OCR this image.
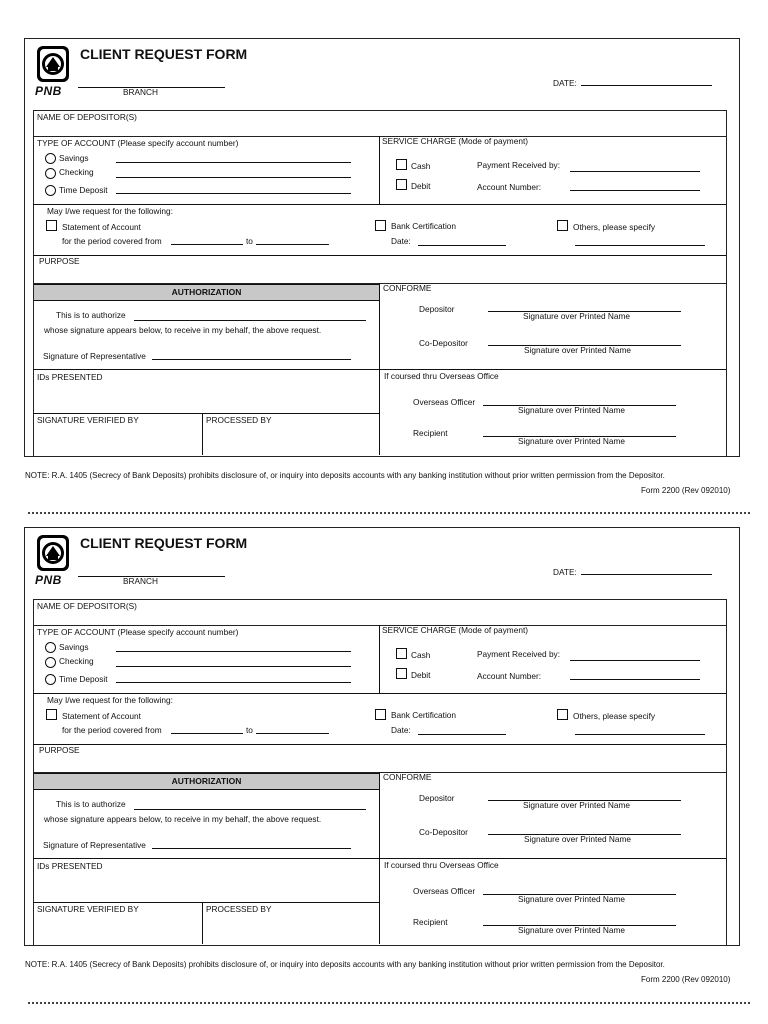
PNB
CLIENT REQUEST FORM
BRANCH
DATE:
NAME OF DEPOSITOR(S)
TYPE OF ACCOUNT (Please specify account number)
Savings
Checking
Time Deposit
SERVICE CHARGE (Mode of payment)
Cash
Debit
Payment Received by:
Account Number:
May I/we request for the following:
Statement of Account
for the period covered from	to
Bank Certification
Date:
Others, please specify
PURPOSE
AUTHORIZATION
This is to authorize
whose signature appears below, to receive in my behalf, the above request.
Signature of Representative
CONFORME
Depositor
Signature over Printed Name
Co-Depositor
Signature over Printed Name
IDs PRESENTED
SIGNATURE VERIFIED BY	PROCESSED BY
If coursed thru Overseas Office
Overseas Officer
Signature over Printed Name
Recipient
Signature over Printed Name
NOTE: R.A. 1405 (Secrecy of Bank Deposits) prohibits disclosure of, or inquiry into deposits accounts with any banking institution without prior written permission from the Depositor.
Form 2200 (Rev 092010)
PNB
CLIENT REQUEST FORM
BRANCH
DATE:
NAME OF DEPOSITOR(S)
TYPE OF ACCOUNT (Please specify account number)
Savings
Checking
Time Deposit
SERVICE CHARGE (Mode of payment)
Cash
Debit
Payment Received by:
Account Number:
May I/we request for the following:
Statement of Account
for the period covered from	to
Bank Certification
Date:
Others, please specify
PURPOSE
AUTHORIZATION
This is to authorize
whose signature appears below, to receive in my behalf, the above request.
Signature of Representative
CONFORME
Depositor
Signature over Printed Name
Co-Depositor
Signature over Printed Name
IDs PRESENTED
SIGNATURE VERIFIED BY	PROCESSED BY
If coursed thru Overseas Office
Overseas Officer
Signature over Printed Name
Recipient
Signature over Printed Name
NOTE: R.A. 1405 (Secrecy of Bank Deposits) prohibits disclosure of, or inquiry into deposits accounts with any banking institution without prior written permission from the Depositor.
Form 2200 (Rev 092010)
